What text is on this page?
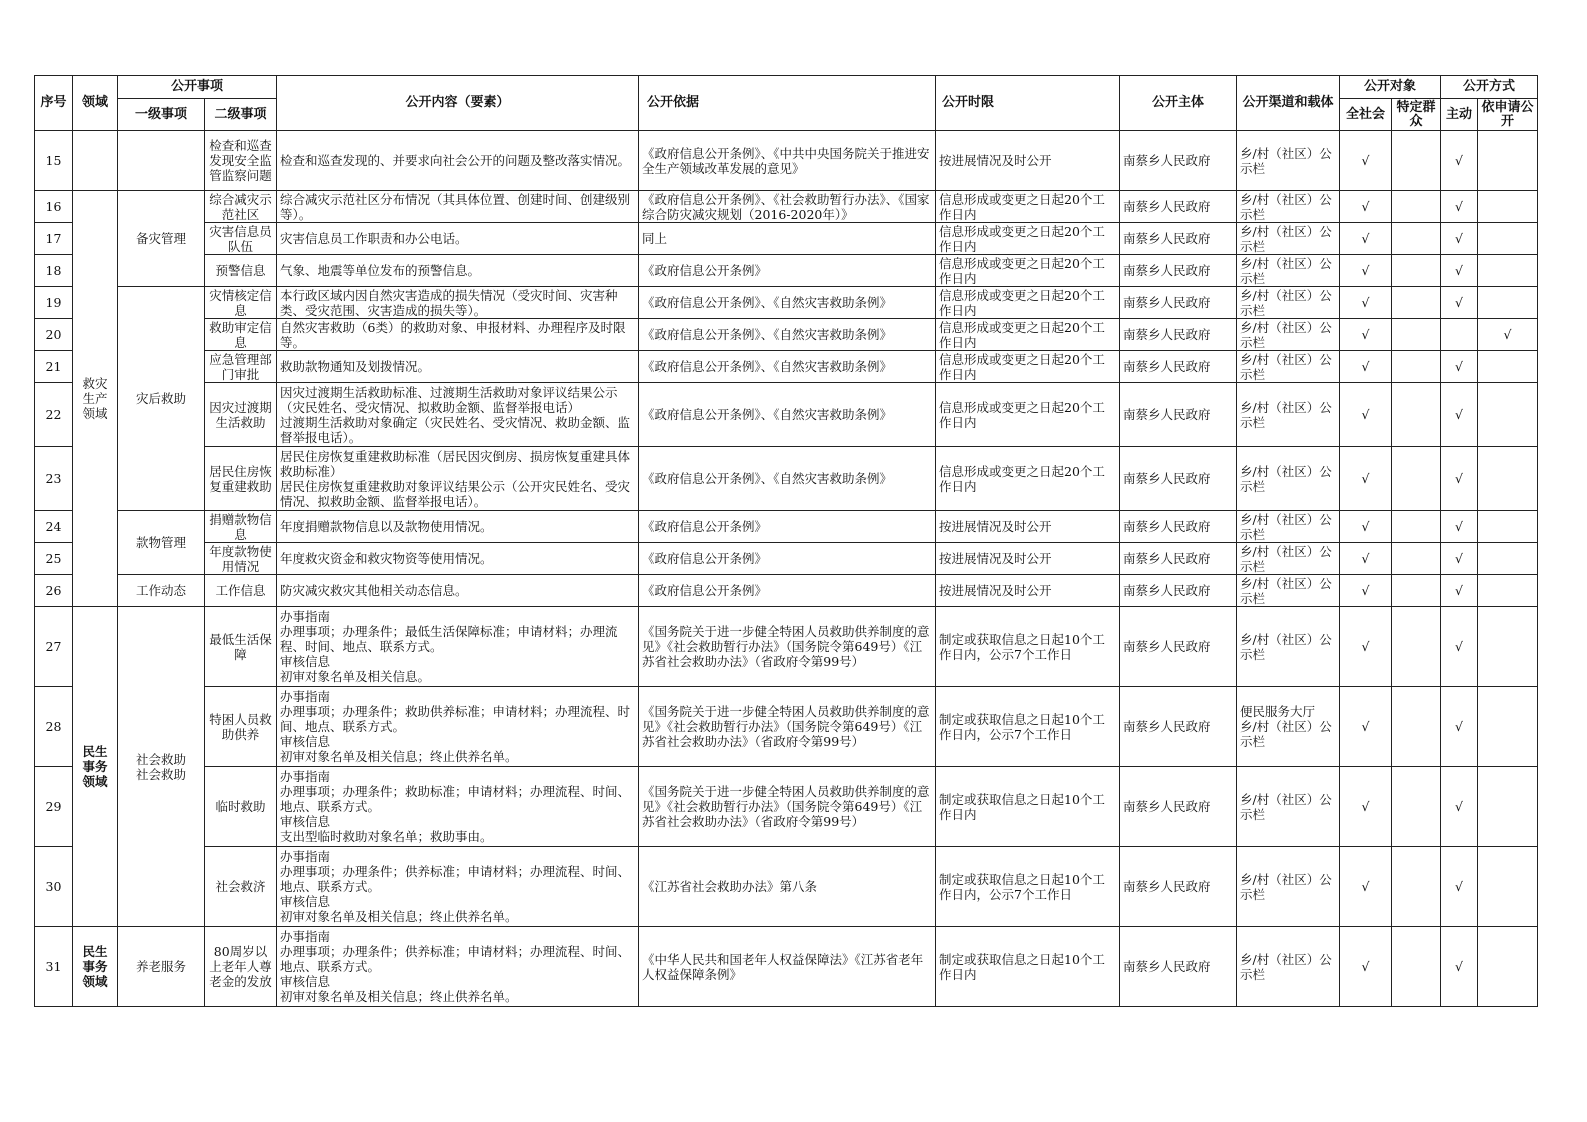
序号	领域	公开事项		公开内容（要素）	公开依据	公开时限	公开主体	公开渠道和载体	公开对象		公开方式	
		一级事项	二级事项						全社会	特定群众	主动	依申请公开
15			检查和巡查发现安全监管监察问题	检查和巡查发现的、并要求向社会公开的问题及整改落实情况。	《政府信息公开条例》、《中共中央国务院关于推进安全生产领域改革发展的意见》	按进展情况及时公开	南蔡乡人民政府	乡/村（社区）公示栏	√		√	
16	救灾生产领域	备灾管理	综合减灾示范社区	综合减灾示范社区分布情况（其具体位置、创建时间、创建级别等）。	《政府信息公开条例》、《社会救助暂行办法》、《国家综合防灾减灾规划（2016-2020年）》	信息形成或变更之日起20个工作日内	南蔡乡人民政府	乡/村（社区）公示栏	√		√	
17			灾害信息员队伍	灾害信息员工作职责和办公电话。	同上	信息形成或变更之日起20个工作日内	南蔡乡人民政府	乡/村（社区）公示栏	√		√	
18			预警信息	气象、地震等单位发布的预警信息。	《政府信息公开条例》	信息形成或变更之日起20个工作日内	南蔡乡人民政府	乡/村（社区）公示栏	√		√	
19		灾后救助	灾情核定信息	本行政区域内因自然灾害造成的损失情况（受灾时间、灾害种类、受灾范围、灾害造成的损失等）。	《政府信息公开条例》、《自然灾害救助条例》	信息形成或变更之日起20个工作日内	南蔡乡人民政府	乡/村（社区）公示栏	√		√	
20			救助审定信息	自然灾害救助（6类）的救助对象、申报材料、办理程序及时限等。	《政府信息公开条例》、《自然灾害救助条例》	信息形成或变更之日起20个工作日内	南蔡乡人民政府	乡/村（社区）公示栏	√			√
21			应急管理部门审批	救助款物通知及划拨情况。	《政府信息公开条例》、《自然灾害救助条例》	信息形成或变更之日起20个工作日内	南蔡乡人民政府	乡/村（社区）公示栏	√		√	
22			因灾过渡期生活救助	因灾过渡期生活救助标准、过渡期生活救助对象评议结果公示（灾民姓名、受灾情况、拟救助金额、监督举报电话）
过渡期生活救助对象确定（灾民姓名、受灾情况、救助金额、监督举报电话）。	《政府信息公开条例》、《自然灾害救助条例》	信息形成或变更之日起20个工作日内	南蔡乡人民政府	乡/村（社区）公示栏	√		√	
23			居民住房恢复重建救助	居民住房恢复重建救助标准（居民因灾倒房、损房恢复重建具体救助标准）
居民住房恢复重建救助对象评议结果公示（公开灾民姓名、受灾情况、拟救助金额、监督举报电话）。	《政府信息公开条例》、《自然灾害救助条例》	信息形成或变更之日起20个工作日内	南蔡乡人民政府	乡/村（社区）公示栏	√		√	
24		款物管理	捐赠款物信息	年度捐赠款物信息以及款物使用情况。	《政府信息公开条例》	按进展情况及时公开	南蔡乡人民政府	乡/村（社区）公示栏	√		√	
25			年度款物使用情况	年度救灾资金和救灾物资等使用情况。	《政府信息公开条例》	按进展情况及时公开	南蔡乡人民政府	乡/村（社区）公示栏	√		√	
26		工作动态	工作信息	防灾减灾救灾其他相关动态信息。	《政府信息公开条例》	按进展情况及时公开	南蔡乡人民政府	乡/村（社区）公示栏	√		√	
27	民生事务领域	社会救助社会救助	最低生活保障	办事指南
办理事项；办理条件；最低生活保障标准；申请材料；办理流程、时间、地点、联系方式。
审核信息
初审对象名单及相关信息。	《国务院关于进一步健全特困人员救助供养制度的意见》《社会救助暂行办法》（国务院令第649号）《江苏省社会救助办法》（省政府令第99号）	制定或获取信息之日起10个工作日内，公示7个工作日	南蔡乡人民政府	乡/村（社区）公示栏	√		√	
28			特困人员救助供养	办事指南
办理事项；办理条件；救助供养标准；申请材料；办理流程、时间、地点、联系方式。
审核信息
初审对象名单及相关信息；终止供养名单。	《国务院关于进一步健全特困人员救助供养制度的意见》《社会救助暂行办法》（国务院令第649号）《江苏省社会救助办法》（省政府令第99号）	制定或获取信息之日起10个工作日内，公示7个工作日	南蔡乡人民政府	便民服务大厅
乡/村（社区）公示栏	√		√	
29			临时救助	办事指南
办理事项；办理条件；救助标准；申请材料；办理流程、时间、地点、联系方式。
审核信息
支出型临时救助对象名单；救助事由。	《国务院关于进一步健全特困人员救助供养制度的意见》《社会救助暂行办法》（国务院令第649号）《江苏省社会救助办法》（省政府令第99号）	制定或获取信息之日起10个工作日内	南蔡乡人民政府	乡/村（社区）公示栏	√		√	
30			社会救济	办事指南
办理事项；办理条件；供养标准；申请材料；办理流程、时间、地点、联系方式。
审核信息
初审对象名单及相关信息；终止供养名单。	《江苏省社会救助办法》第八条	制定或获取信息之日起10个工作日内，公示7个工作日	南蔡乡人民政府	乡/村（社区）公示栏	√		√	
31	民生事务领域	养老服务	80周岁以上老年人尊老金的发放	办事指南
办理事项；办理条件；供养标准；申请材料；办理流程、时间、地点、联系方式。
审核信息
初审对象名单及相关信息；终止供养名单。	《中华人民共和国老年人权益保障法》《江苏省老年人权益保障条例》	制定或获取信息之日起10个工作日内	南蔡乡人民政府	乡/村（社区）公示栏	√		√	
